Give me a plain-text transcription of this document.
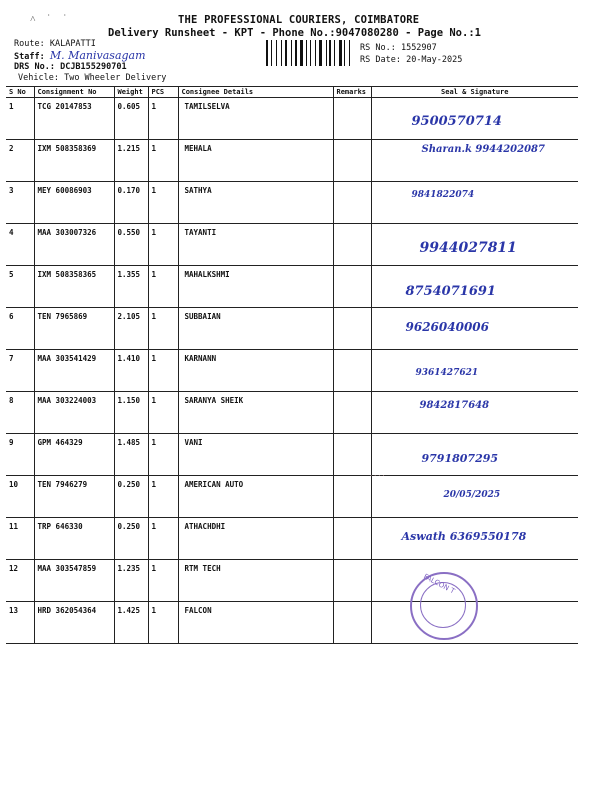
˄ ˙ ˙	THE PROFESSIONAL COURIERS, COIMBATORE
Delivery Runsheet - KPT - Phone No.:9047080280 - Page No.:1
Route: KALAPATTI
Staff: M. Manivasagam
DRS No.: DCJB155290701
Vehicle: Two Wheeler Delivery
RS No.: 1552907
RS Date: 20-May-2025
S No	Consignment No	Weight	PCS	Consignee Details	Remarks	Seal & Signature
1	TCG 20147853	0.605	1	TAMILSELVA		9500570714

2	IXM 508358369	1.215	1	MEHALA		Sharan.k 9944202087

3	MEY 60086903	0.170	1	SATHYA		9841822074

4	MAA 303007326	0.550	1	TAYANTI		9944027811

5	IXM 508358365	1.355	1	MAHALKSHMI		8754071691

6	TEN 7965869	2.105	1	SUBBAIAN		9626040006

7	MAA 303541429	1.410	1	KARNANN		9361427621

8	MAA 303224003	1.150	1	SARANYA SHEIK		9842817648

9	GPM 464329	1.485	1	VANI		9791807295

10	TEN 7946279	0.250	1	AMERICAN AUTO		20/05/2025

11	TRP 646330	0.250	1	ATHACHDHI		Aswath 6369550178

12	MAA 303547859	1.235	1	RTM TECH		
13	HRD 362054364	1.425	1	FALCON		
· · · ·
FALCON T
